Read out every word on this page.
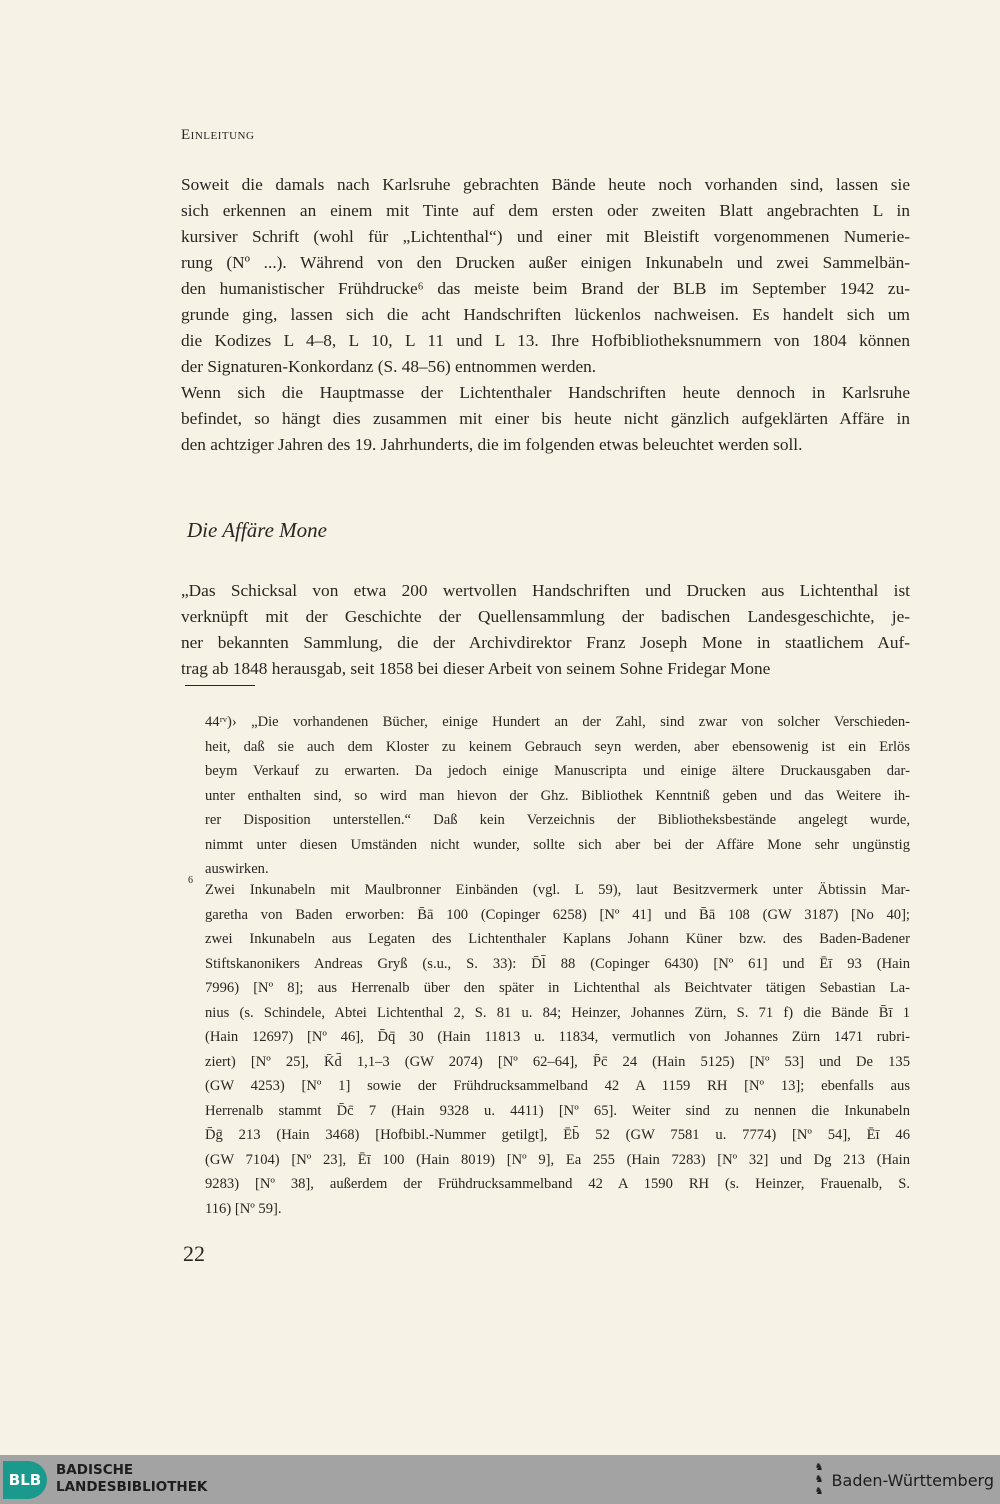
Einleitung
Soweit die damals nach Karlsruhe gebrachten Bände heute noch vorhanden sind, lassen sie
sich erkennen an einem mit Tinte auf dem ersten oder zweiten Blatt angebrachten L in
kursiver Schrift (wohl für „Lichtenthal“) und einer mit Bleistift vorgenommenen Numerie-
rung (Nº ...). Während von den Drucken außer einigen Inkunabeln und zwei Sammelbän-
den humanistischer Frühdrucke⁶ das meiste beim Brand der BLB im September 1942 zu-
grunde ging, lassen sich die acht Handschriften lückenlos nachweisen. Es handelt sich um
die Kodizes L 4–8, L 10, L 11 und L 13. Ihre Hofbibliotheksnummern von 1804 können
der Signaturen-Konkordanz (S. 48–56) entnommen werden.
Wenn sich die Hauptmasse der Lichtenthaler Handschriften heute dennoch in Karlsruhe
befindet, so hängt dies zusammen mit einer bis heute nicht gänzlich aufgeklärten Affäre in
den achtziger Jahren des 19. Jahrhunderts, die im folgenden etwas beleuchtet werden soll.
Die Affäre Mone
„Das Schicksal von etwa 200 wertvollen Handschriften und Drucken aus Lichtenthal ist
verknüpft mit der Geschichte der Quellensammlung der badischen Landesgeschichte, je-
ner bekannten Sammlung, die der Archivdirektor Franz Joseph Mone in staatlichem Auf-
trag ab 1848 herausgab, seit 1858 bei dieser Arbeit von seinem Sohne Fridegar Mone
44ʳᵛ)› „Die vorhandenen Bücher, einige Hundert an der Zahl, sind zwar von solcher Verschieden-
heit, daß sie auch dem Kloster zu keinem Gebrauch seyn werden, aber ebensowenig ist ein Erlös
beym Verkauf zu erwarten. Da jedoch einige Manuscripta und einige ältere Druckausgaben dar-
unter enthalten sind, so wird man hievon der Ghz. Bibliothek Kenntniß geben und das Weitere ih-
rer Disposition unterstellen.“ Daß kein Verzeichnis der Bibliotheksbestände angelegt wurde,
nimmt unter diesen Umständen nicht wunder, sollte sich aber bei der Affäre Mone sehr ungünstig
auswirken.
6
Zwei Inkunabeln mit Maulbronner Einbänden (vgl. L 59), laut Besitzvermerk unter Äbtissin Mar-
garetha von Baden erworben: B̄ā 100 (Copinger 6258) [Nº 41] und B̄ā 108 (GW 3187) [No 40];
zwei Inkunabeln aus Legaten des Lichtenthaler Kaplans Johann Küner bzw. des Baden-Badener
Stiftskanonikers Andreas Gryß (s.u., S. 33): D̄l̄ 88 (Copinger 6430) [Nº 61] und Ēī 93 (Hain
7996) [Nº 8]; aus Herrenalb über den später in Lichtenthal als Beichtvater tätigen Sebastian La-
nius (s. Schindele, Abtei Lichtenthal 2, S. 81 u. 84; Heinzer, Johannes Zürn, S. 71 f) die Bände B̄ī 1
(Hain 12697) [Nº 46], D̄q̄ 30 (Hain 11813 u. 11834, vermutlich von Johannes Zürn 1471 rubri-
ziert) [Nº 25], K̄d̄ 1,1–3 (GW 2074) [Nº 62–64], P̄c̄ 24 (Hain 5125) [Nº 53] und De 135
(GW 4253) [Nº 1] sowie der Frühdrucksammelband 42 A 1159 RH [Nº 13]; ebenfalls aus
Herrenalb stammt D̄c̄ 7 (Hain 9328 u. 4411) [Nº 65]. Weiter sind zu nennen die Inkunabeln
D̄ḡ 213 (Hain 3468) [Hofbibl.-Nummer getilgt], Ēb̄ 52 (GW 7581 u. 7774) [Nº 54], Ēī 46
(GW 7104) [Nº 23], Ēī 100 (Hain 8019) [Nº 9], Ea 255 (Hain 7283) [Nº 32] und Dg 213 (Hain
9283) [Nº 38], außerdem der Frühdrucksammelband 42 A 1590 RH (s. Heinzer, Frauenalb, S.
116) [Nº 59].
22
BLB
BADISCHE
LANDESBIBLIOTHEK
♞
♞
♞
Baden-Württemberg
